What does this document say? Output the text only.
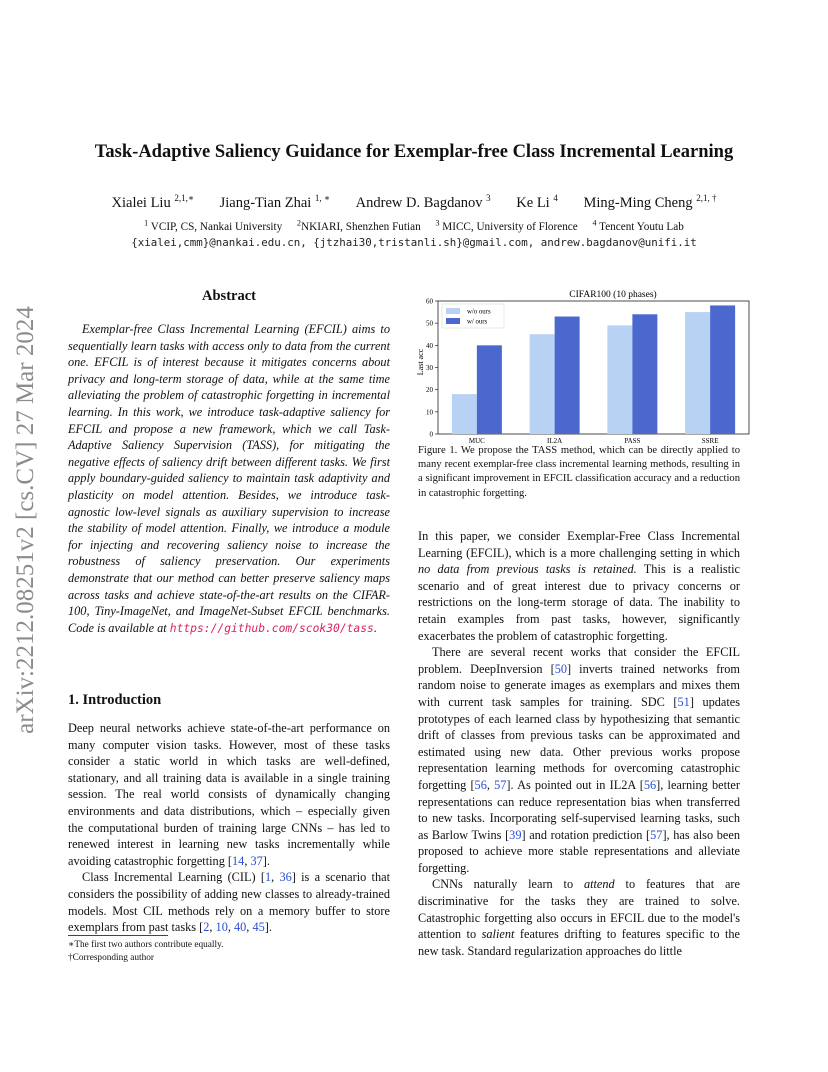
arXiv:2212.08251v2 [cs.CV] 27 Mar 2024
Task-Adaptive Saliency Guidance for Exemplar-free Class Incremental Learning
Xialei Liu $^{2,1,∗}$ Jiang-Tian Zhai $^{1, ∗}$ Andrew D. Bagdanov $^3$ Ke Li $^4$ Ming-Ming Cheng $^{2,1, \dagger}$
$^1$ VCIP, CS, Nankai University $^2$NKIARI, Shenzhen Futian $^3$ MICC, University of Florence $^4$ Tencent Youtu Lab
{xialei,cmm}@nankai.edu.cn, {jtzhai30,tristanli.sh}@gmail.com, andrew.bagdanov@unifi.it
Abstract

Exemplar-free Class Incremental Learning (EFCIL) aims to sequentially learn tasks with access only to data from the current one. EFCIL is of interest because it mitigates concerns about privacy and long-term storage of data, while at the same time alleviating the problem of catastrophic forgetting in incremental learning. In this work, we introduce task-adaptive saliency for EFCIL and propose a new framework, which we call Task-Adaptive Saliency Supervision (TASS), for mitigating the negative effects of saliency drift between different tasks. We first apply boundary-guided saliency to maintain task adaptivity and plasticity on model attention. Besides, we introduce task-agnostic low-level signals as auxiliary supervision to increase the stability of model attention. Finally, we introduce a module for injecting and recovering saliency noise to increase the robustness of saliency preservation. Our experiments demonstrate that our method can better preserve saliency maps across tasks and achieve state-of-the-art results on the CIFAR-100, Tiny-ImageNet, and ImageNet-Subset EFCIL benchmarks. Code is available at https://github.com/scok30/tass.

1. Introduction

Deep neural networks achieve state-of-the-art performance on many computer vision tasks. However, most of these tasks consider a static world in which tasks are well-defined, stationary, and all training data is available in a single training session. The real world consists of dynamically changing environments and data distributions, which – especially given the computational burden of training large CNNs – has led to renewed interest in learning new tasks incrementally while avoiding catastrophic forgetting [14, 37].

Class Incremental Learning (CIL) [1, 36] is a scenario that considers the possibility of adding new classes to already-trained models. Most CIL methods rely on a memory buffer to store exemplars from past tasks [2, 10, 40, 45].

∗The first two authors contribute equally.
†Corresponding author
CIFAR100 (10 phases)
Last acc
0
10
20
30
40
50
60
MUC	IL2A	PASS	SSRE
w/o ours
w/ ours
Figure 1. We propose the TASS method, which can be directly applied to many recent exemplar-free class incremental learning methods, resulting in a significant improvement in EFCIL classification accuracy and a reduction in catastrophic forgetting.

In this paper, we consider Exemplar-Free Class Incremental Learning (EFCIL), which is a more challenging setting in which no data from previous tasks is retained. This is a realistic scenario and of great interest due to privacy concerns or restrictions on the long-term storage of data. The inability to retain examples from past tasks, however, significantly exacerbates the problem of catastrophic forgetting.

There are several recent works that consider the EFCIL problem. DeepInversion [50] inverts trained networks from random noise to generate images as exemplars and mixes them with current task samples for training. SDC [51] updates prototypes of each learned class by hypothesizing that semantic drift of classes from previous tasks can be approximated and estimated using new data. Other previous works propose representation learning methods for overcoming catastrophic forgetting [56, 57]. As pointed out in IL2A [56], learning better representations can reduce representation bias when transferred to new tasks. Incorporating self-supervised learning tasks, such as Barlow Twins [39] and rotation prediction [57], has also been proposed to achieve more stable representations and alleviate forgetting.

CNNs naturally learn to attend to features that are discriminative for the tasks they are trained to solve. Catastrophic forgetting also occurs in EFCIL due to the model's attention to salient features drifting to features specific to the new task. Standard regularization approaches do little
